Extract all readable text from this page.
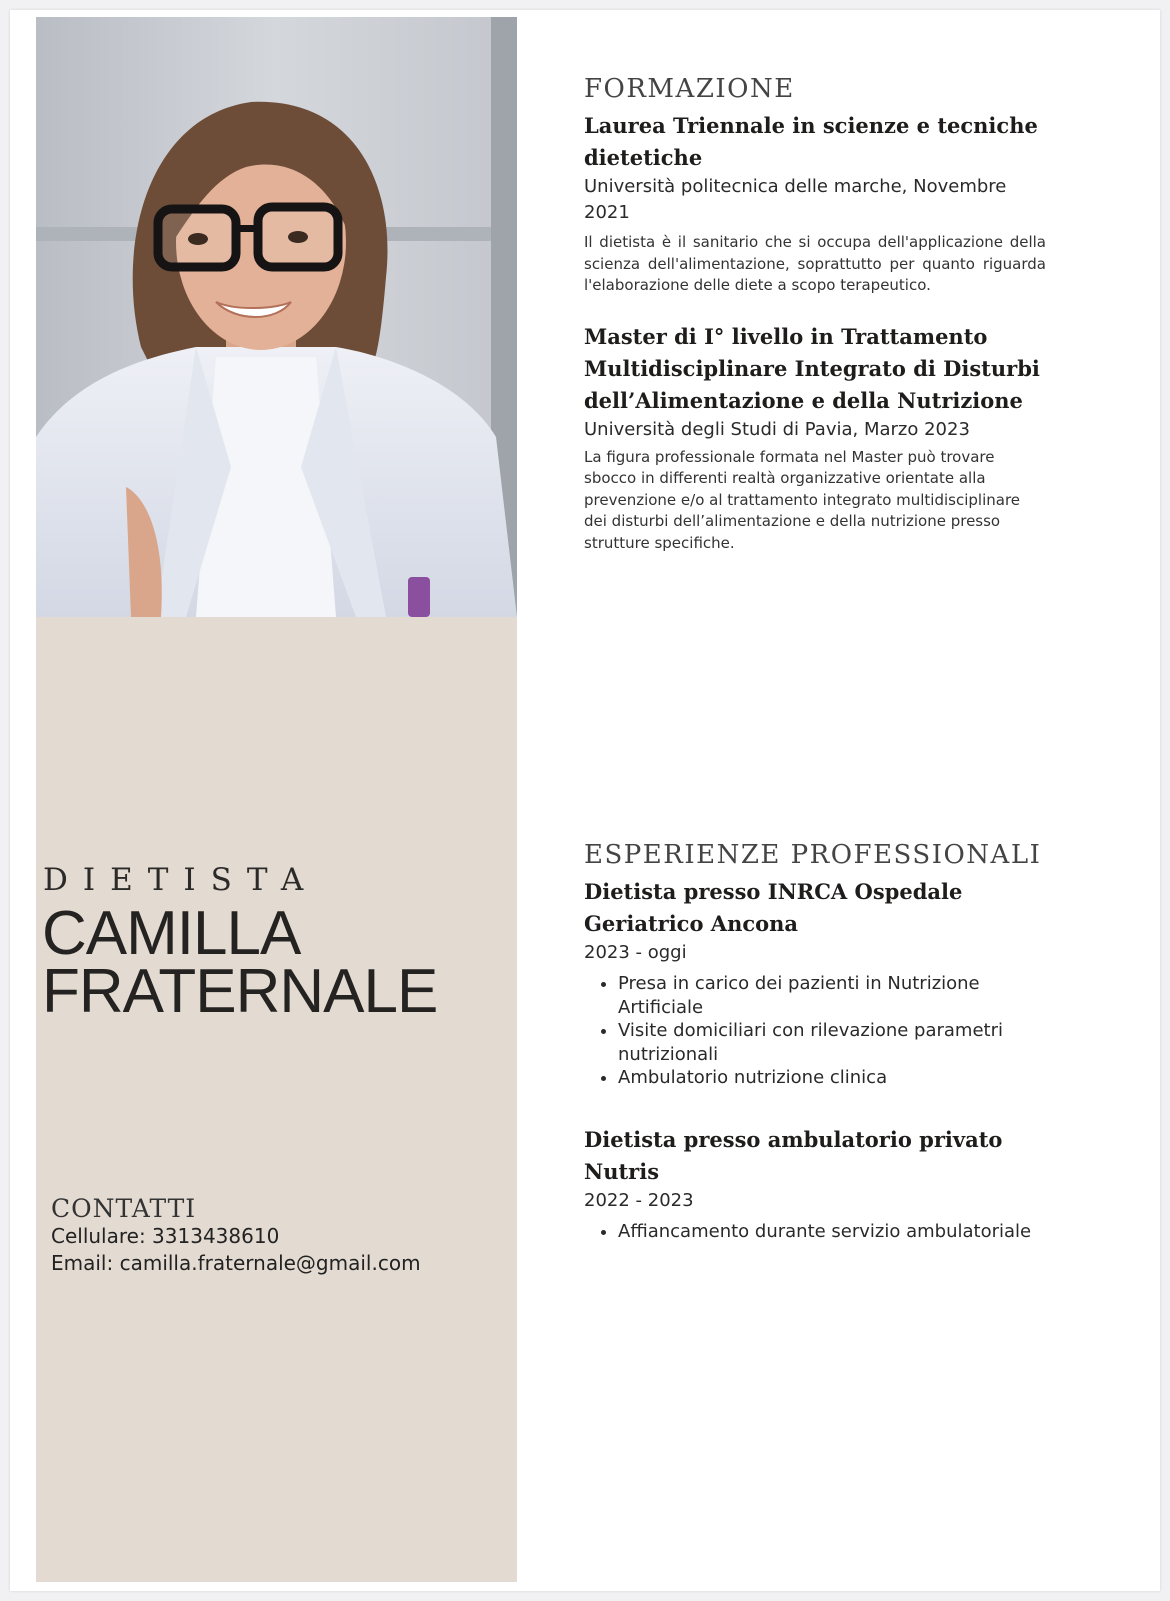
DIETISTA

CAMILLA
FRATERNALE
CONTATTI

Cellulare: 3313438610

Email: camilla.fraternale@gmail.com

FORMAZIONE
Laurea Triennale in scienze e tecniche dietetiche

Università politecnica delle marche, Novembre 2021

Il dietista è il sanitario che si occupa dell'applicazione della scienza dell'alimentazione, soprattutto per quanto riguarda l'elaborazione delle diete a scopo terapeutico.

Master di I° livello in Trattamento Multidisciplinare Integrato di Disturbi dell’Alimentazione e della Nutrizione

Università degli Studi di Pavia, Marzo 2023

La figura professionale formata nel Master può trovare sbocco in differenti realtà organizzative orientate alla prevenzione e/o al trattamento integrato multidisciplinare dei disturbi dell’alimentazione e della nutrizione presso strutture specifiche.

ESPERIENZE PROFESSIONALI
Dietista presso INRCA Ospedale Geriatrico Ancona

2023 - oggi

• Presa in carico dei pazienti in Nutrizione Artificiale
• Visite domiciliari con rilevazione parametri nutrizionali
• Ambulatorio nutrizione clinica
Dietista presso ambulatorio privato Nutris

2022 - 2023

• Affiancamento durante servizio ambulatoriale
